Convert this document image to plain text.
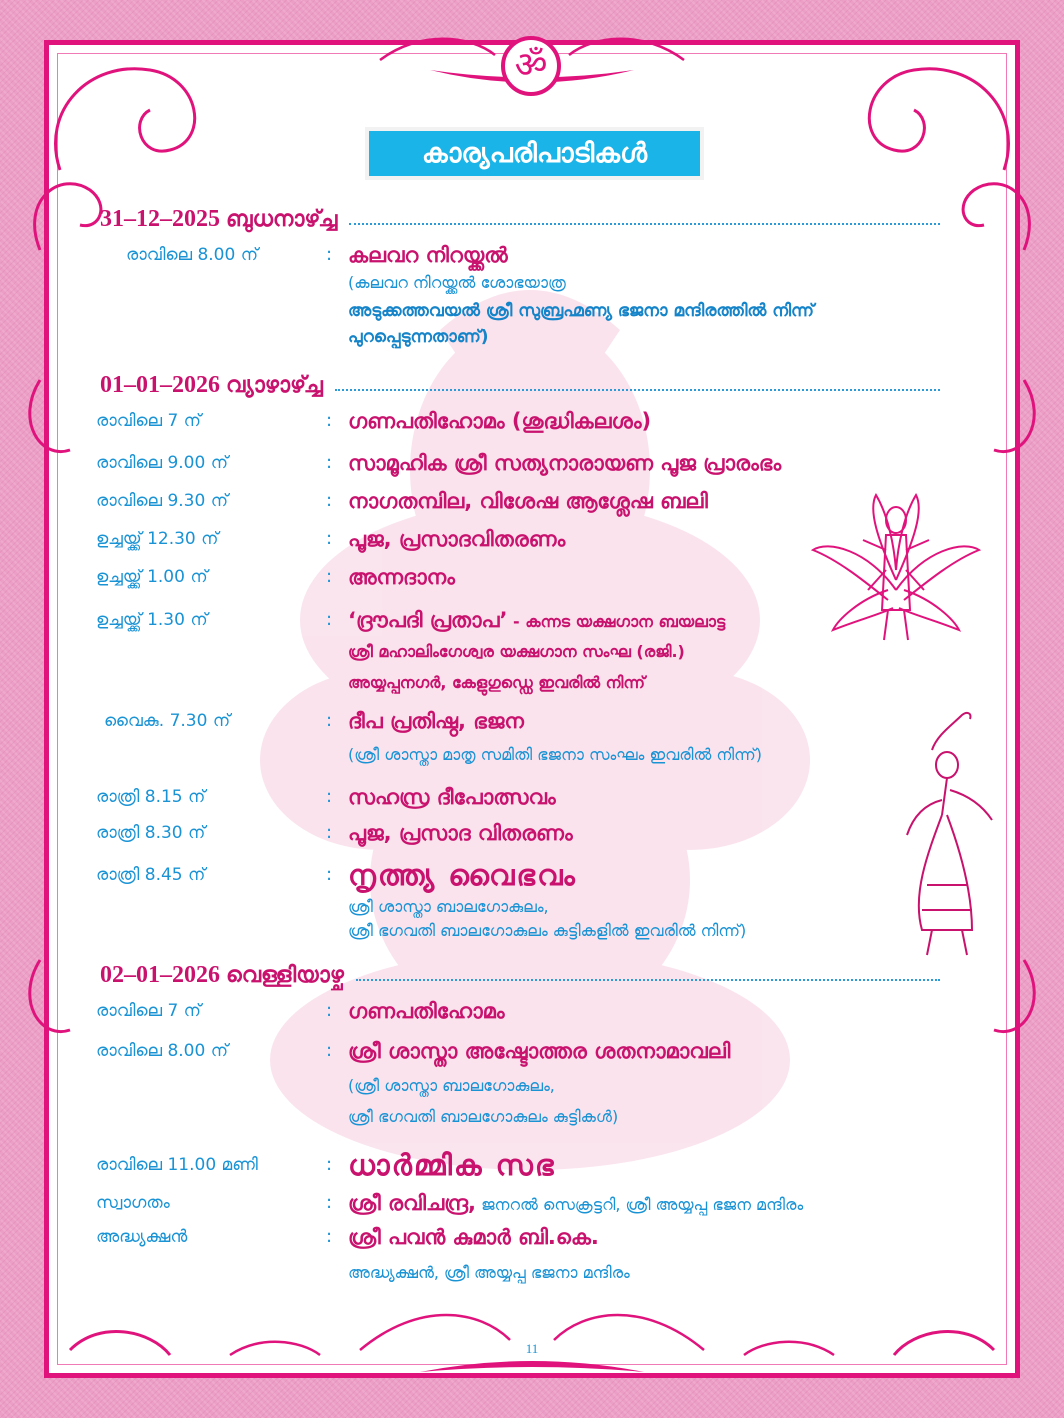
ॐ
കാര്യപരിപാടികൾ
31–12–2025 ബുധനാഴ്ച്ച
രാവിലെ 8.00 ന്	: കലവറ നിറയ്ക്കൽ
(കലവറ നിറയ്ക്കൽ ശോഭയാത്ര
അടുക്കത്തവയൽ ശ്രീ സുബ്രഹ്മണ്യ ഭജനാ മന്ദിരത്തിൽ നിന്ന്
പുറപ്പെടുന്നതാണ്)
01–01–2026 വ്യാഴാഴ്ച്ച
രാവിലെ 7 ന്	: ഗണപതിഹോമം (ശുദ്ധികലശം)
രാവിലെ 9.00 ന്	: സാമൂഹിക ശ്രീ സത്യനാരായണ പൂജ പ്രാരംഭം
രാവിലെ 9.30 ന്	: നാഗതമ്പില, വിശേഷ ആശ്ലേഷ ബലി
ഉച്ചയ്ക്ക് 12.30 ന്	: പൂജ, പ്രസാദവിതരണം
ഉച്ചയ്ക്ക് 1.00 ന്	: അന്നദാനം
ഉച്ചയ്ക്ക് 1.30 ന്	: ‘ദ്രൗപദി പ്രതാപ’ - കന്നട യക്ഷഗാന ബയലാട്ട
ശ്രീ മഹാലിംഗേശ്വര യക്ഷഗാന സംഘ (രജി.)
അയ്യപ്പനഗർ, കേളുഗുഡ്ഡെ ഇവരിൽ നിന്ന്
വൈകു. 7.30 ന്	: ദീപ പ്രതിഷ്ഠ, ഭജന
(ശ്രീ ശാസ്താ മാതൃ സമിതി ഭജനാ സംഘം ഇവരിൽ നിന്ന്)
രാത്രി 8.15 ന്	: സഹസ്ര ദീപോത്സവം
രാത്രി 8.30 ന്	: പൂജ, പ്രസാദ വിതരണം
രാത്രി 8.45 ന്	: നൃത്ത്യ വൈഭവം
ശ്രീ ശാസ്താ ബാലഗോകുലം,
ശ്രീ ഭഗവതി ബാലഗോകുലം കുട്ടികളിൽ ഇവരിൽ നിന്ന്)
02–01–2026 വെള്ളിയാഴ്ച
രാവിലെ 7 ന്	: ഗണപതിഹോമം
രാവിലെ 8.00 ന്	: ശ്രീ ശാസ്താ അഷ്ടോത്തര ശതനാമാവലി
(ശ്രീ ശാസ്താ ബാലഗോകുലം,
ശ്രീ ഭഗവതി ബാലഗോകുലം കുട്ടികൾ)
രാവിലെ 11.00 മണി	: ധാർമ്മിക സഭ
സ്വാഗതം	: ശ്രീ രവിചന്ദ്ര, ജനറൽ സെക്രട്ടറി, ശ്രീ അയ്യപ്പ ഭജന മന്ദിരം
അദ്ധ്യക്ഷൻ	: ശ്രീ പവൻ കുമാർ ബി.കെ.
അദ്ധ്യക്ഷൻ, ശ്രീ അയ്യപ്പ ഭജനാ മന്ദിരം
11
